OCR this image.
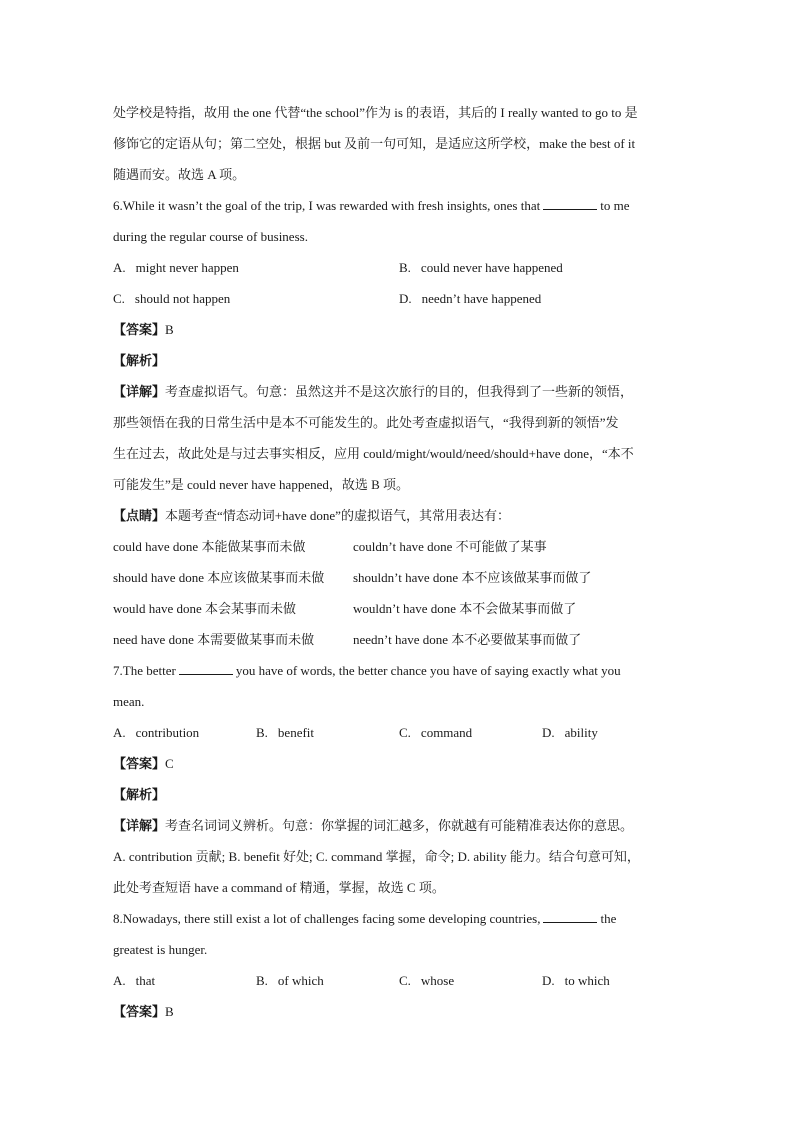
处学校是特指，故用 the one 代替“the school”作为 is 的表语，其后的 I really wanted to go to 是
修饰它的定语从句；第二空处，根据 but 及前一句可知，是适应这所学校，make the best of it
随遇而安。故选 A 项。
6.While it wasn’t the goal of the trip, I was rewarded with fresh insights, ones that	to me
during the regular course of business.
A. might never happen	B. could never have happened
C. should not happen	D. needn’t have happened
【答案】B
【解析】
【详解】考查虚拟语气。句意：虽然这并不是这次旅行的目的，但我得到了一些新的领悟，
那些领悟在我的日常生活中是本不可能发生的。此处考查虚拟语气，“我得到新的领悟”发
生在过去，故此处是与过去事实相反，应用 could/might/would/need/should+have done，“本不
可能发生”是 could never have happened，故选 B 项。
【点睛】本题考查“情态动词+have done”的虚拟语气，其常用表达有：
could have done 本能做某事而未做	couldn’t have done 不可能做了某事
should have done 本应该做某事而未做	shouldn’t have done 本不应该做某事而做了
would have done 本会某事而未做	wouldn’t have done 本不会做某事而做了
need have done 本需要做某事而未做	needn’t have done 本不必要做某事而做了
7.The better	you have of words, the better chance you have of saying exactly what you
mean.
A. contribution	B. benefit	C. command	D. ability
【答案】C
【解析】
【详解】考查名词词义辨析。句意：你掌握的词汇越多，你就越有可能精准表达你的意思。
A. contribution 贡献; B. benefit 好处; C. command 掌握，命令; D. ability 能力。结合句意可知，
此处考查短语 have a command of 精通，掌握，故选 C 项。
8.Nowadays, there still exist a lot of challenges facing some developing countries,	the
greatest is hunger.
A. that	B. of which	C. whose	D. to which
【答案】B
